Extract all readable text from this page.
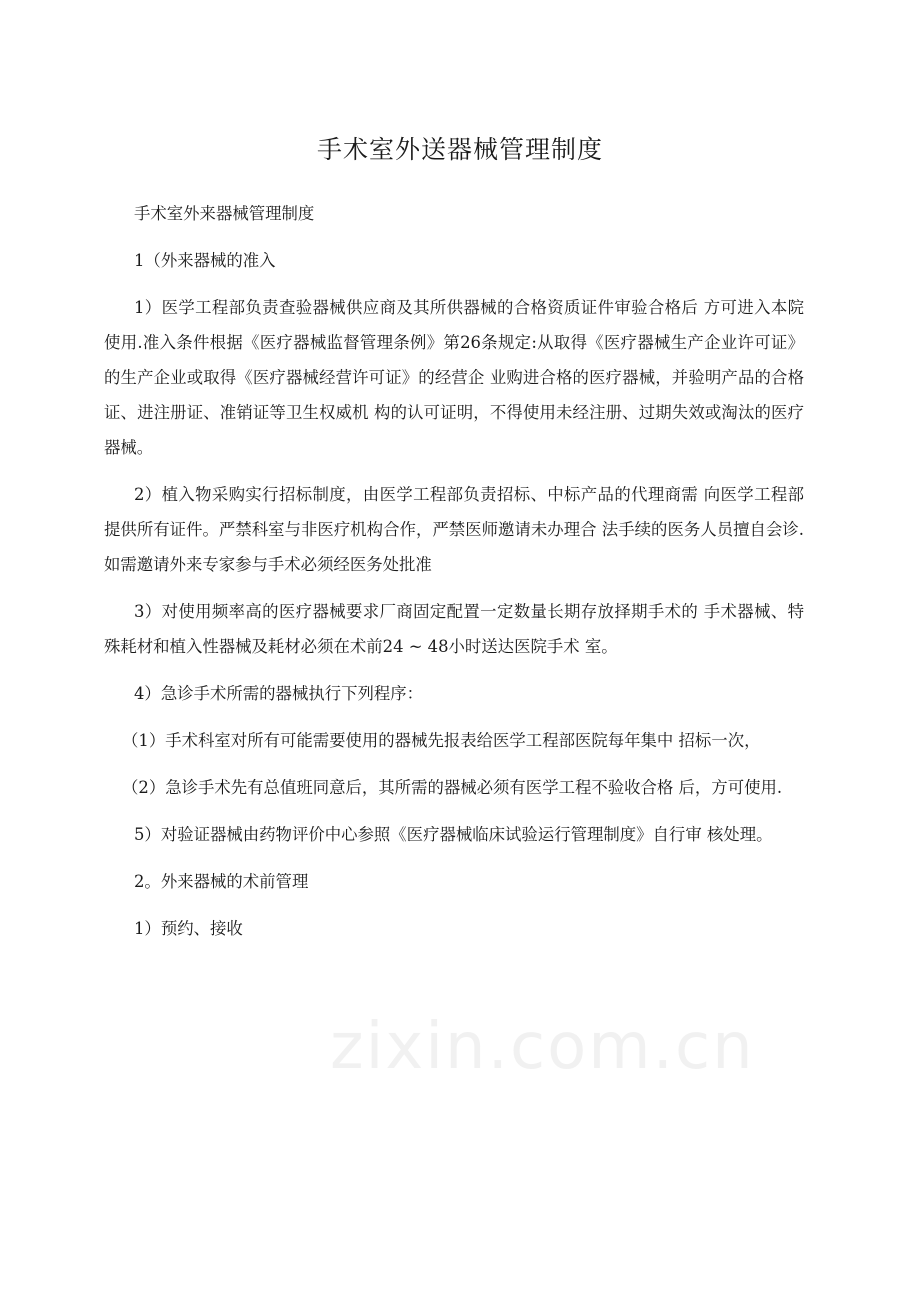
手术室外送器械管理制度

手术室外来器械管理制度

1（外来器械的准入

1）医学工程部负责查验器械供应商及其所供器械的合格资质证件审验合格后 方可进入本院使用.准入条件根据《医疗器械监督管理条例》第26条规定:从取得《医疗器械生产企业许可证》的生产企业或取得《医疗器械经营许可证》的经营企 业购进合格的医疗器械，并验明产品的合格证、进注册证、准销证等卫生权威机 构的认可证明，不得使用未经注册、过期失效或淘汰的医疗器械。

2）植入物采购实行招标制度，由医学工程部负责招标、中标产品的代理商需 向医学工程部提供所有证件。严禁科室与非医疗机构合作，严禁医师邀请未办理合 法手续的医务人员擅自会诊.如需邀请外来专家参与手术必须经医务处批准

3）对使用频率高的医疗器械要求厂商固定配置一定数量长期存放择期手术的 手术器械、特殊耗材和植入性器械及耗材必须在术前24 ~ 48小时送达医院手术 室。

4）急诊手术所需的器械执行下列程序：

（1）手术科室对所有可能需要使用的器械先报表给医学工程部医院每年集中 招标一次，

（2）急诊手术先有总值班同意后，其所需的器械必须有医学工程不验收合格 后，方可使用.

5）对验证器械由药物评价中心参照《医疗器械临床试验运行管理制度》自行审 核处理。

2。外来器械的术前管理

1）预约、接收

zixin.com.cn
